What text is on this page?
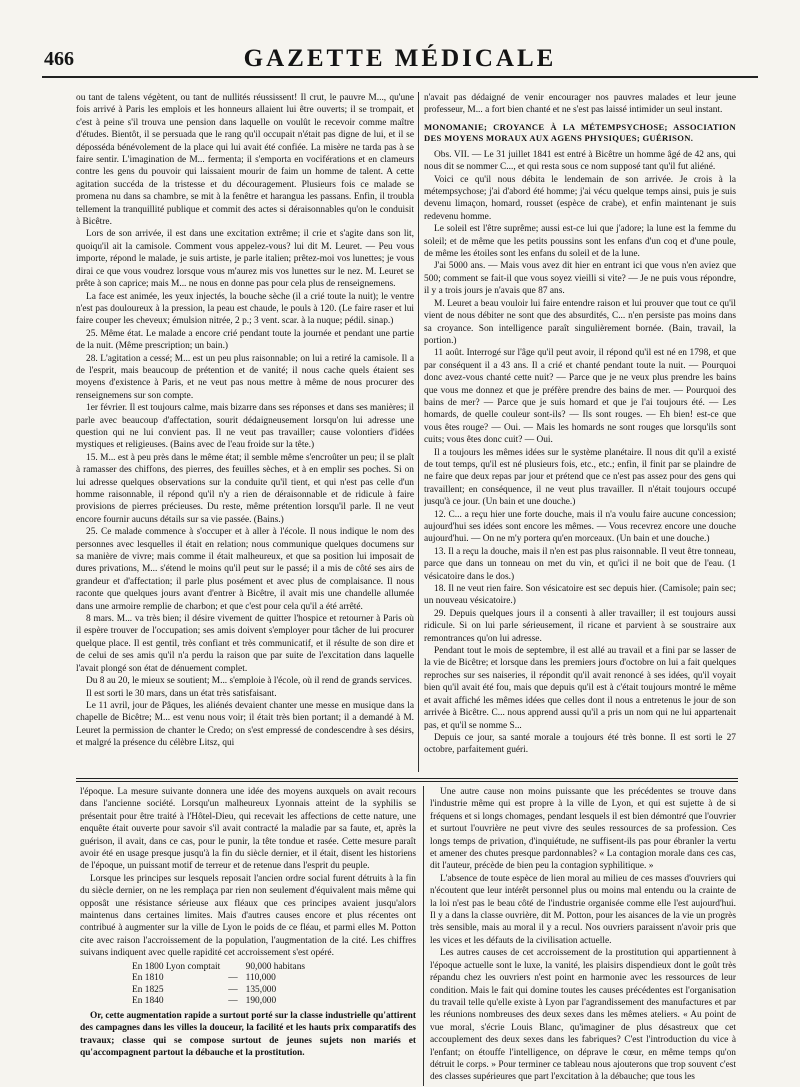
466	GAZETTE MÉDICALE

ou tant de talens végètent, ou tant de nullités réussissent! Il crut, le pauvre M..., qu'une fois arrivé à Paris les emplois et les honneurs allaient lui être ouverts; il se trompait, et c'est à peine s'il trouva une pension dans laquelle on voulût le recevoir comme maître d'études. Bientôt, il se persuada que le rang qu'il occupait n'était pas digne de lui, et il se déposséda bénévolement de la place qui lui avait été confiée. La misère ne tarda pas à se faire sentir. L'imagination de M... fermenta; il s'emporta en vociférations et en clameurs contre les gens du pouvoir qui laissaient mourir de faim un homme de talent. A cette agitation succéda de la tristesse et du découragement. Plusieurs fois ce malade se promena nu dans sa chambre, se mit à la fenêtre et harangua les passans. Enfin, il troubla tellement la tranquillité publique et commit des actes si déraisonnables qu'on le conduisit à Bicêtre.

Lors de son arrivée, il est dans une excitation extrême; il crie et s'agite dans son lit, quoiqu'il ait la camisole. Comment vous appelez-vous? lui dit M. Leuret. — Peu vous importe, répond le malade, je suis artiste, je parle italien; prêtez-moi vos lunettes; je vous dirai ce que vous voudrez lorsque vous m'aurez mis vos lunettes sur le nez. M. Leuret se prête à son caprice; mais M... ne nous en donne pas pour cela plus de renseignemens.

La face est animée, les yeux injectés, la bouche sèche (il a crié toute la nuit); le ventre n'est pas douloureux à la pression, la peau est chaude, le pouls à 120. (Le faire raser et lui faire couper les cheveux; émulsion nitrée, 2 p.; 3 vent. scar. à la nuque; pédil. sinap.)

25. Même état. Le malade a encore crié pendant toute la journée et pendant une partie de la nuit. (Même prescription; un bain.)

28. L'agitation a cessé; M... est un peu plus raisonnable; on lui a retiré la camisole. Il a de l'esprit, mais beaucoup de prétention et de vanité; il nous cache quels étaient ses moyens d'existence à Paris, et ne veut pas nous mettre à même de nous procurer des renseignemens sur son compte.

1er février. Il est toujours calme, mais bizarre dans ses réponses et dans ses manières; il parle avec beaucoup d'affectation, sourit dédaigneusement lorsqu'on lui adresse une question qui ne lui convient pas. Il ne veut pas travailler; cause volontiers d'idées mystiques et religieuses. (Bains avec de l'eau froide sur la tête.)

15. M... est à peu près dans le même état; il semble même s'encroûter un peu; il se plaît à ramasser des chiffons, des pierres, des feuilles sèches, et à en emplir ses poches. Si on lui adresse quelques observations sur la conduite qu'il tient, et qui n'est pas celle d'un homme raisonnable, il répond qu'il n'y a rien de déraisonnable et de ridicule à faire provisions de pierres précieuses. Du reste, même prétention lorsqu'il parle. Il ne veut encore fournir aucuns détails sur sa vie passée. (Bains.)

25. Ce malade commence à s'occuper et à aller à l'école. Il nous indique le nom des personnes avec lesquelles il était en relation; nous communique quelques documens sur sa manière de vivre; mais comme il était malheureux, et que sa position lui imposait de dures privations, M... s'étend le moins qu'il peut sur le passé; il a mis de côté ses airs de grandeur et d'affectation; il parle plus posément et avec plus de complaisance. Il nous raconte que quelques jours avant d'entrer à Bicêtre, il avait mis une chandelle allumée dans une armoire remplie de charbon; et que c'est pour cela qu'il a été arrêté.

8 mars. M... va très bien; il désire vivement de quitter l'hospice et retourner à Paris où il espère trouver de l'occupation; ses amis doivent s'employer pour tâcher de lui procurer quelque place. Il est gentil, très confiant et très communicatif, et il résulte de son dire et de celui de ses amis qu'il n'a perdu la raison que par suite de l'excitation dans laquelle l'avait plongé son état de dénuement complet.

Du 8 au 20, le mieux se soutient; M... s'emploie à l'école, où il rend de grands services.

Il est sorti le 30 mars, dans un état très satisfaisant.

Le 11 avril, jour de Pâques, les aliénés devaient chanter une messe en musique dans la chapelle de Bicêtre; M... est venu nous voir; il était très bien portant; il a demandé à M. Leuret la permission de chanter le Credo; on s'est empressé de condescendre à ses désirs, et malgré la présence du célèbre Litsz, qui

n'avait pas dédaigné de venir encourager nos pauvres malades et leur jeune professeur, M... a fort bien chanté et ne s'est pas laissé intimider un seul instant.

MONOMANIE; CROYANCE À LA MÉTEMPSYCHOSE; ASSOCIATION DES MOYENS MORAUX AUX AGENS PHYSIQUES; GUÉRISON.

Obs. VII. — Le 31 juillet 1841 est entré à Bicêtre un homme âgé de 42 ans, qui nous dit se nommer C..., et qui resta sous ce nom supposé tant qu'il fut aliéné.

Voici ce qu'il nous débita le lendemain de son arrivée. Je crois à la métempsychose; j'ai d'abord été homme; j'ai vécu quelque temps ainsi, puis je suis devenu limaçon, homard, rousset (espèce de crabe), et enfin maintenant je suis redevenu homme.

Le soleil est l'être suprême; aussi est-ce lui que j'adore; la lune est la femme du soleil; et de même que les petits poussins sont les enfans d'un coq et d'une poule, de même les étoiles sont les enfans du soleil et de la lune.

J'ai 5000 ans. — Mais vous avez dit hier en entrant ici que vous n'en aviez que 500; comment se fait-il que vous soyez vieilli si vite? — Je ne puis vous répondre, il y a trois jours je n'avais que 87 ans.

M. Leuret a beau vouloir lui faire entendre raison et lui prouver que tout ce qu'il vient de nous débiter ne sont que des absurdités, C... n'en persiste pas moins dans sa croyance. Son intelligence paraît singulièrement bornée. (Bain, travail, la portion.)

11 août. Interrogé sur l'âge qu'il peut avoir, il répond qu'il est né en 1798, et que par conséquent il a 43 ans. Il a crié et chanté pendant toute la nuit. — Pourquoi donc avez-vous chanté cette nuit? — Parce que je ne veux plus prendre les bains que vous me donnez et que je préfère prendre des bains de mer. — Pourquoi des bains de mer? — Parce que je suis homard et que je l'ai toujours été. — Les homards, de quelle couleur sont-ils? — Ils sont rouges. — Eh bien! est-ce que vous êtes rouge? — Oui. — Mais les homards ne sont rouges que lorsqu'ils sont cuits; vous êtes donc cuit? — Oui.

Il a toujours les mêmes idées sur le système planétaire. Il nous dit qu'il a existé de tout temps, qu'il est né plusieurs fois, etc., etc.; enfin, il finit par se plaindre de ne faire que deux repas par jour et prétend que ce n'est pas assez pour des gens qui travaillent; en conséquence, il ne veut plus travailler. Il n'était toujours occupé jusqu'à ce jour. (Un bain et une douche.)

12. C... a reçu hier une forte douche, mais il n'a voulu faire aucune concession; aujourd'hui ses idées sont encore les mêmes. — Vous recevrez encore une douche aujourd'hui. — On ne m'y portera qu'en morceaux. (Un bain et une douche.)

13. Il a reçu la douche, mais il n'en est pas plus raisonnable. Il veut être tonneau, parce que dans un tonneau on met du vin, et qu'ici il ne boit que de l'eau. (1 vésicatoire dans le dos.)

18. Il ne veut rien faire. Son vésicatoire est sec depuis hier. (Camisole; pain sec; un nouveau vésicatoire.)

29. Depuis quelques jours il a consenti à aller travailler; il est toujours aussi ridicule. Si on lui parle sérieusement, il ricane et parvient à se soustraire aux remontrances qu'on lui adresse.

Pendant tout le mois de septembre, il est allé au travail et a fini par se lasser de la vie de Bicêtre; et lorsque dans les premiers jours d'octobre on lui a fait quelques reproches sur ses naiseries, il répondit qu'il avait renoncé à ses idées, qu'il voyait bien qu'il avait été fou, mais que depuis qu'il est à c'était toujours montré le même et avait affiché les mêmes idées que celles dont il nous a entretenus le jour de son arrivée à Bicêtre. C... nous apprend aussi qu'il a pris un nom qui ne lui appartenait pas, et qu'il se nomme S...

Depuis ce jour, sa santé morale a toujours été très bonne. Il est sorti le 27 octobre, parfaitement guéri.

l'époque. La mesure suivante donnera une idée des moyens auxquels on avait recours dans l'ancienne société. Lorsqu'un malheureux Lyonnais atteint de la syphilis se présentait pour être traité à l'Hôtel-Dieu, qui recevait les affections de cette nature, une enquête était ouverte pour savoir s'il avait contracté la maladie par sa faute, et, après la guérison, il avait, dans ce cas, pour le punir, la tête tondue et rasée. Cette mesure paraît avoir été en usage presque jusqu'à la fin du siècle dernier, et il était, disent les historiens de l'époque, un puissant motif de terreur et de retenue dans l'esprit du peuple.

Lorsque les principes sur lesquels reposait l'ancien ordre social furent détruits à la fin du siècle dernier, on ne les remplaça par rien non seulement d'équivalent mais même qui opposât une résistance sérieuse aux fléaux que ces principes avaient jusqu'alors maintenus dans certaines limites. Mais d'autres causes encore et plus récentes ont contribué à augmenter sur la ville de Lyon le poids de ce fléau, et parmi elles M. Potton cite avec raison l'accroissement de la population, l'augmentation de la cité. Les chiffres suivans indiquent avec quelle rapidité cet accroissement s'est opéré.

En 1800 Lyon comptait		90,000 habitans
En 1810	—	110,000
En 1825	—	135,000
En 1840	—	190,000

Or, cette augmentation rapide a surtout porté sur la classe industrielle qu'attirent des campagnes dans les villes la douceur, la facilité et les hauts prix comparatifs des travaux; classe qui se compose surtout de jeunes sujets non mariés et qu'accompagnent partout la débauche et la prostitution.

Une autre cause non moins puissante que les précédentes se trouve dans l'industrie même qui est propre à la ville de Lyon, et qui est sujette à de si fréquens et si longs chomages, pendant lesquels il est bien démontré que l'ouvrier et surtout l'ouvrière ne peut vivre des seules ressources de sa profession. Ces longs temps de privation, d'inquiétude, ne suffisent-ils pas pour ébranler la vertu et amener des chutes presque pardonnables? « La contagion morale dans ces cas, dit l'auteur, précède de bien peu la contagion syphilitique. »

L'absence de toute espèce de lien moral au milieu de ces masses d'ouvriers qui n'écoutent que leur intérêt personnel plus ou moins mal entendu ou la crainte de la loi n'est pas le beau côté de l'industrie organisée comme elle l'est aujourd'hui. Il y a dans la classe ouvrière, dit M. Potton, pour les aisances de la vie un progrès très sensible, mais au moral il y a recul. Nos ouvriers paraissent n'avoir pris que les vices et les défauts de la civilisation actuelle.

Les autres causes de cet accroissement de la prostitution qui appartiennent à l'époque actuelle sont le luxe, la vanité, les plaisirs dispendieux dont le goût très répandu chez les ouvriers n'est point en harmonie avec les ressources de leur condition. Mais le fait qui domine toutes les causes précédentes est l'organisation du travail telle qu'elle existe à Lyon par l'agrandissement des manufactures et par les réunions nombreuses des deux sexes dans les mêmes ateliers. « Au point de vue moral, s'écrie Louis Blanc, qu'imaginer de plus désastreux que cet accouplement des deux sexes dans les fabriques? C'est l'introduction du vice à l'enfant; on étouffe l'intelligence, on déprave le cœur, en même temps qu'on détruit le corps. » Pour terminer ce tableau nous ajouterons que trop souvent c'est des classes supérieures que part l'excitation à la débauche; que tous les
